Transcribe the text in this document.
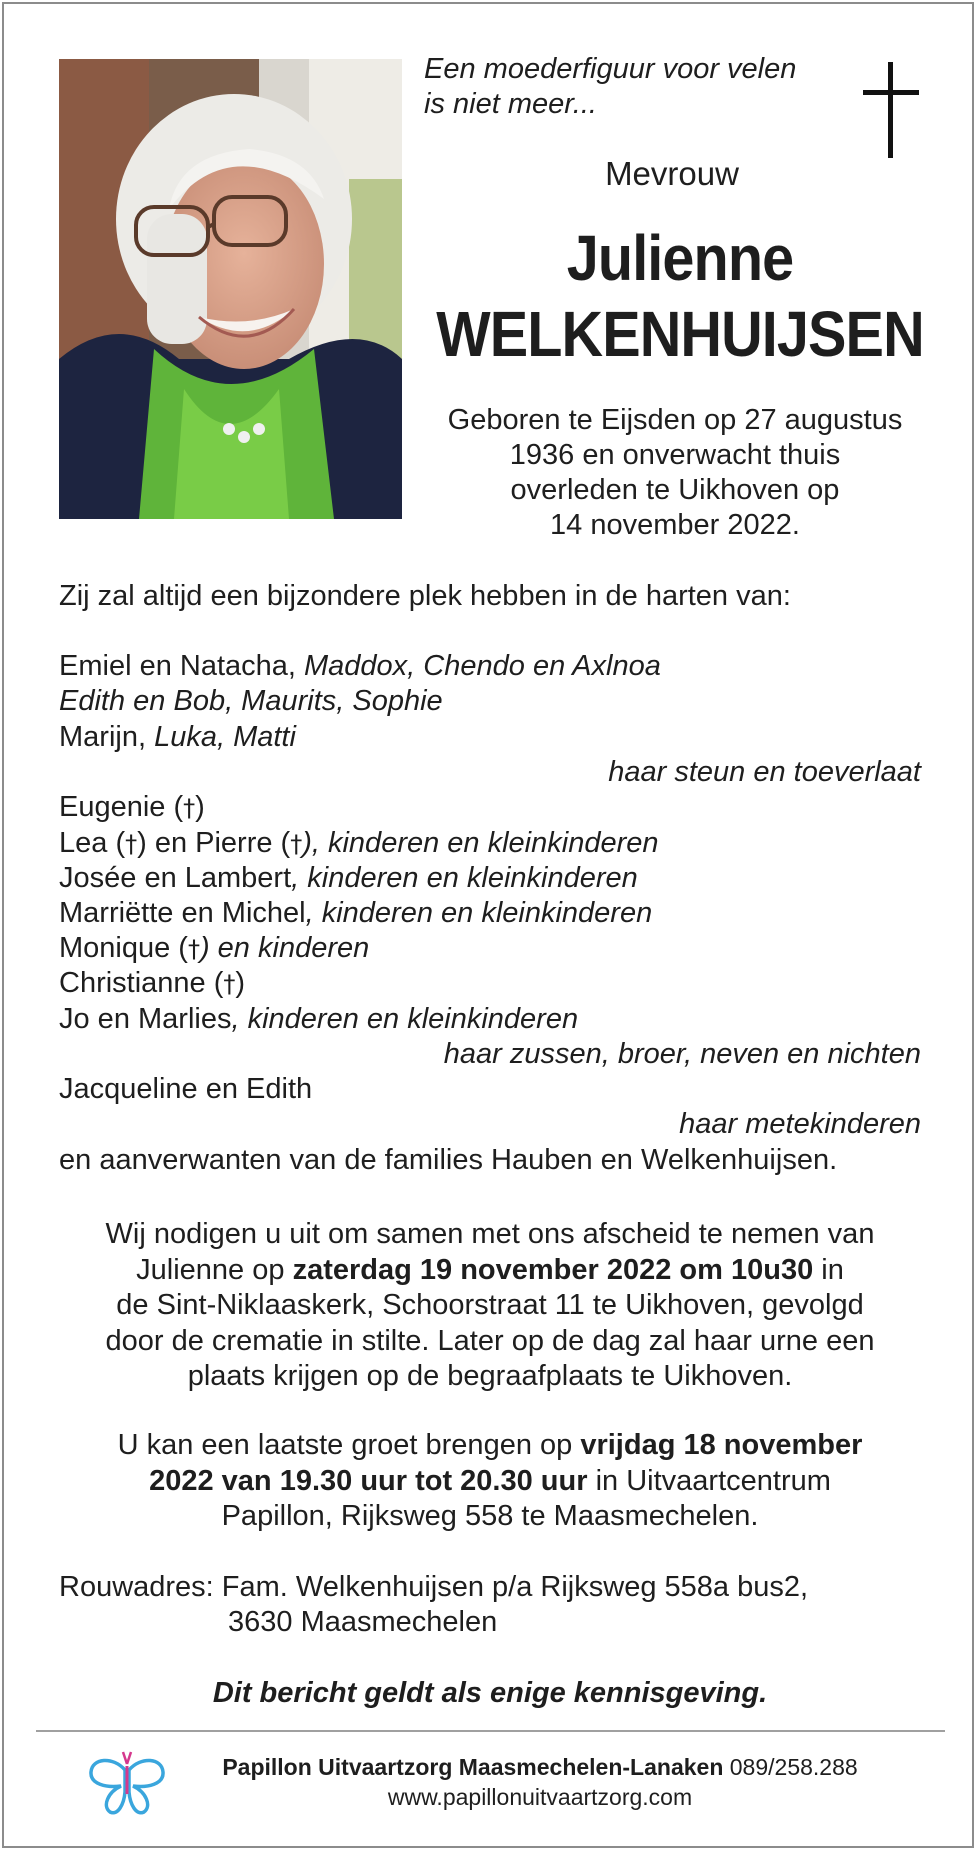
Een moederfiguur voor velen
is niet meer...
Mevrouw
Julienne
WELKENHUIJSEN
Geboren te Eijsden op 27 augustus
1936 en onverwacht thuis
overleden te Uikhoven op
14 november 2022.
Zij zal altijd een bijzondere plek hebben in de harten van:
Emiel en Natacha, Maddox, Chendo en Axlnoa
Edith en Bob, Maurits, Sophie
Marijn, Luka, Matti
haar steun en toeverlaat
Eugenie (†)
Lea (†) en Pierre (†), kinderen en kleinkinderen
Josée en Lambert, kinderen en kleinkinderen
Marriëtte en Michel, kinderen en kleinkinderen
Monique (†) en kinderen
Christianne (†)
Jo en Marlies, kinderen en kleinkinderen
haar zussen, broer, neven en nichten
Jacqueline en Edith
haar metekinderen
en aanverwanten van de families Hauben en Welkenhuijsen.
Wij nodigen u uit om samen met ons afscheid te nemen van
Julienne op zaterdag 19 november 2022 om 10u30 in
de Sint-Niklaaskerk, Schoorstraat 11 te Uikhoven, gevolgd
door de crematie in stilte. Later op de dag zal haar urne een
plaats krijgen op de begraafplaats te Uikhoven.
U kan een laatste groet brengen op vrijdag 18 november
2022 van 19.30 uur tot 20.30 uur in Uitvaartcentrum
Papillon, Rijksweg 558 te Maasmechelen.
Rouwadres: Fam. Welkenhuijsen p/a Rijksweg 558a bus2,
3630 Maasmechelen
Dit bericht geldt als enige kennisgeving.
Papillon Uitvaartzorg Maasmechelen-Lanaken 089/258.288
www.papillonuitvaartzorg.com
